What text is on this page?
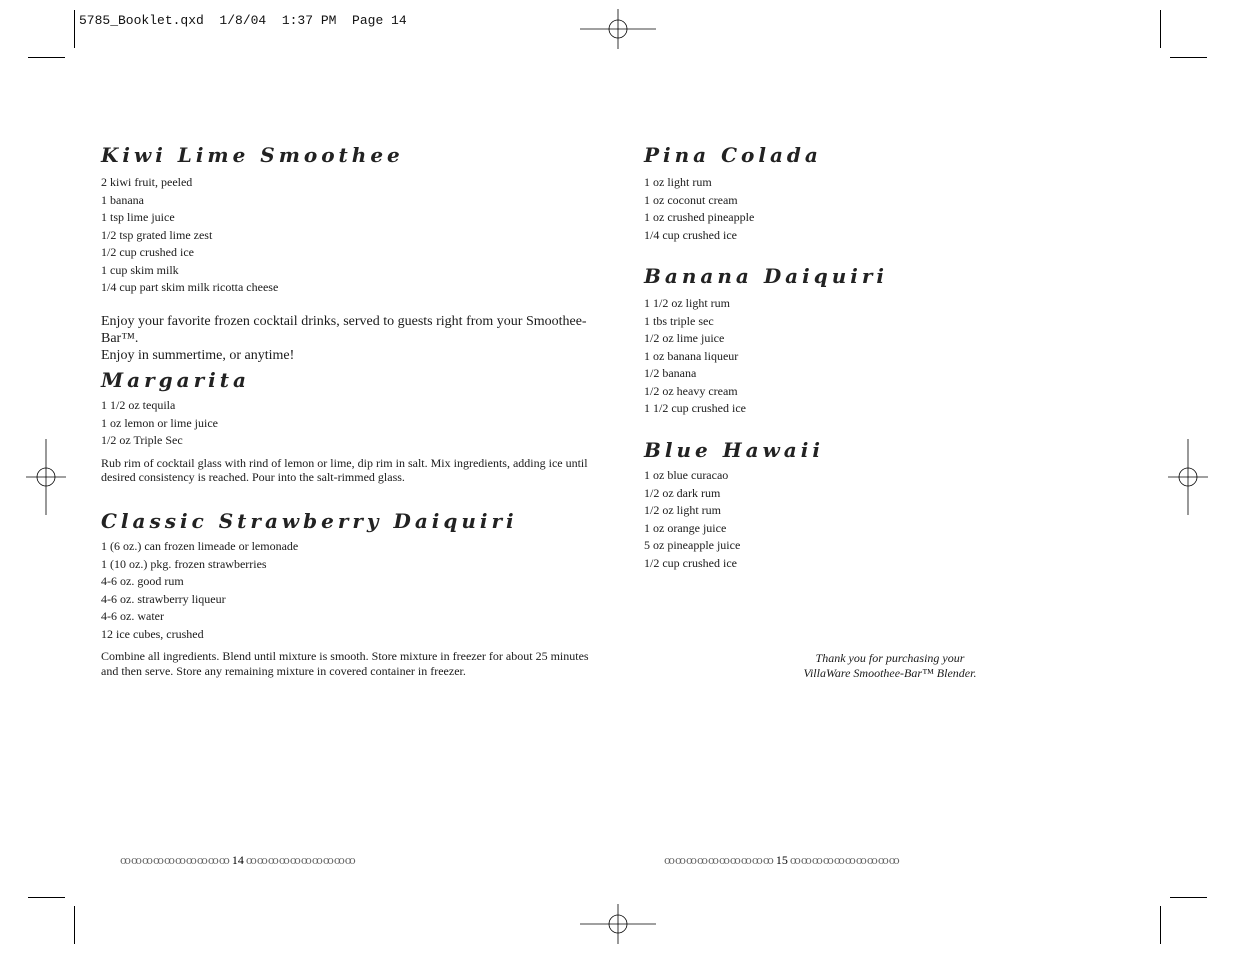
5785_Booklet.qxd  1/8/04  1:37 PM  Page 14
Kiwi Lime Smoothee
2 kiwi fruit, peeled
1 banana
1 tsp lime juice
1/2 tsp grated lime zest
1/2 cup crushed ice
1 cup skim milk
1/4 cup part skim milk ricotta cheese

Enjoy your favorite frozen cocktail drinks, served to guests right from your Smoothee-Bar™.

Enjoy in summertime, or anytime!

Margarita
1 1/2 oz tequila
1 oz lemon or lime juice
1/2 oz Triple Sec

Rub rim of cocktail glass with rind of lemon or lime, dip rim in salt. Mix ingredients, adding ice until

desired consistency is reached. Pour into the salt-rimmed glass.

Classic Strawberry Daiquiri
1 (6 oz.) can frozen limeade or lemonade
1 (10 oz.) pkg. frozen strawberries
4-6 oz. good rum
4-6 oz. strawberry liqueur
4-6 oz. water
12 ice cubes, crushed

Combine all ingredients. Blend until mixture is smooth. Store mixture in freezer for about 25 minutes

and then serve. Store any remaining mixture in covered container in freezer.

ꝏꝏꝏꝏꝏꝏꝏꝏꝏꝏ 14 ꝏꝏꝏꝏꝏꝏꝏꝏꝏꝏ
Pina Colada
1 oz light rum
1 oz coconut cream
1 oz crushed pineapple
1/4 cup crushed ice
Banana Daiquiri
1 1/2 oz light rum
1 tbs triple sec
1/2 oz lime juice
1 oz banana liqueur
1/2 banana
1/2 oz heavy cream
1 1/2 cup crushed ice
Blue Hawaii
1 oz blue curacao
1/2 oz dark rum
1/2 oz light rum
1 oz orange juice
5 oz pineapple juice
1/2 cup crushed ice
Thank you for purchasing your
VillaWare Smoothee-Bar™ Blender.
ꝏꝏꝏꝏꝏꝏꝏꝏꝏꝏ 15 ꝏꝏꝏꝏꝏꝏꝏꝏꝏꝏ
